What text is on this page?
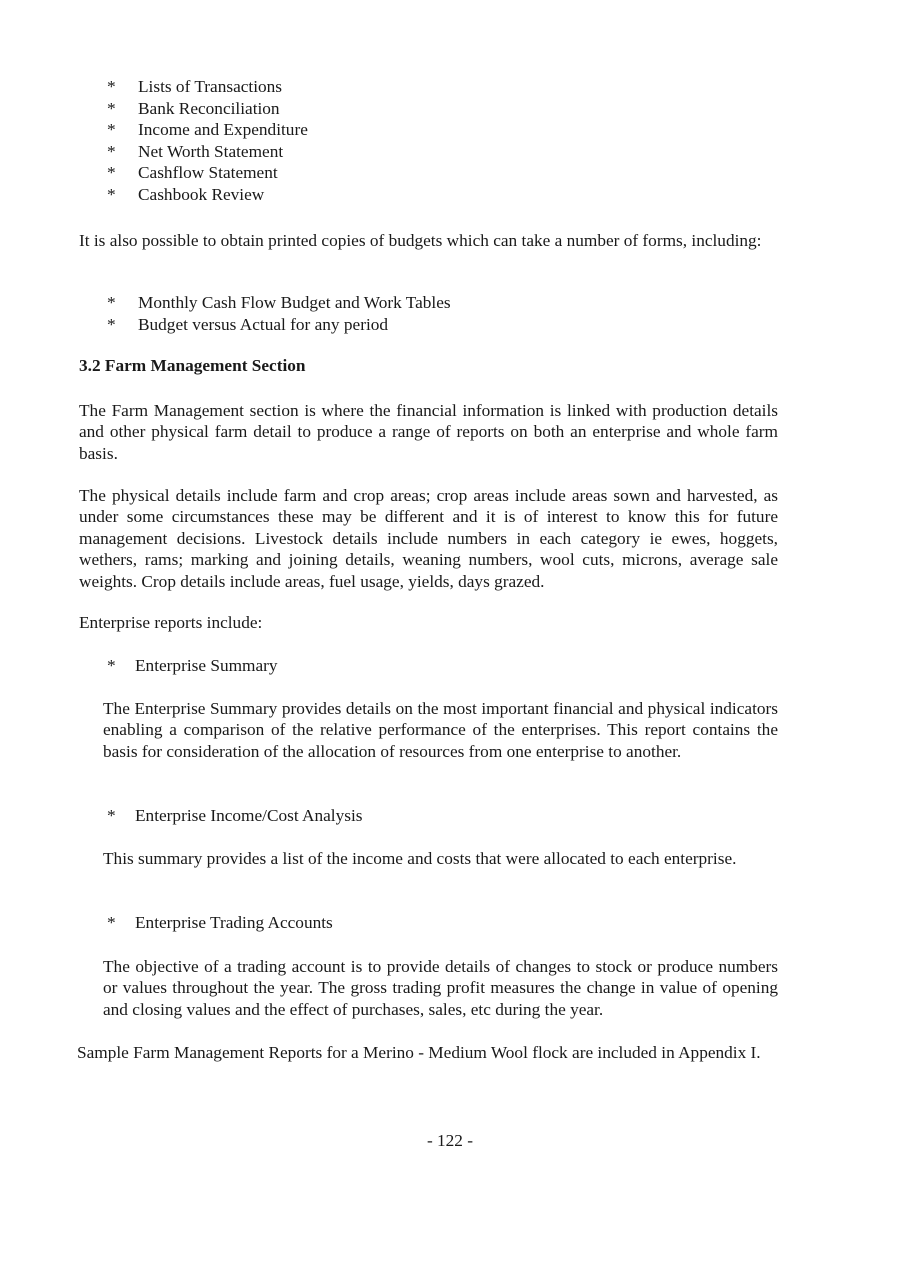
* Lists of Transactions
* Bank Reconciliation
* Income and Expenditure
* Net Worth Statement
* Cashflow Statement
* Cashbook Review

It is also possible to obtain printed copies of budgets which can take a number of forms, including:

* Monthly Cash Flow Budget and Work Tables
* Budget versus Actual for any period
3.2 Farm Management Section

The Farm Management section is where the financial information is linked with production details and other physical farm detail to produce a range of reports on both an enterprise and whole farm basis.

The physical details include farm and crop areas; crop areas include areas sown and harvested, as under some circumstances these may be different and it is of interest to know this for future management decisions. Livestock details include numbers in each category ie ewes, hoggets, wethers, rams; marking and joining details, weaning numbers, wool cuts, microns, average sale weights. Crop details include areas, fuel usage, yields, days grazed.

Enterprise reports include:

* Enterprise Summary

The Enterprise Summary provides details on the most important financial and physical indicators enabling a comparison of the relative performance of the enterprises. This report contains the basis for consideration of the allocation of resources from one enterprise to another.

* Enterprise Income/Cost Analysis

This summary provides a list of the income and costs that were allocated to each enterprise.

* Enterprise Trading Accounts

The objective of a trading account is to provide details of changes to stock or produce numbers or values throughout the year. The gross trading profit measures the change in value of opening and closing values and the effect of purchases, sales, etc during the year.

Sample Farm Management Reports for a Merino - Medium Wool flock are included in Appendix I.

- 122 -
